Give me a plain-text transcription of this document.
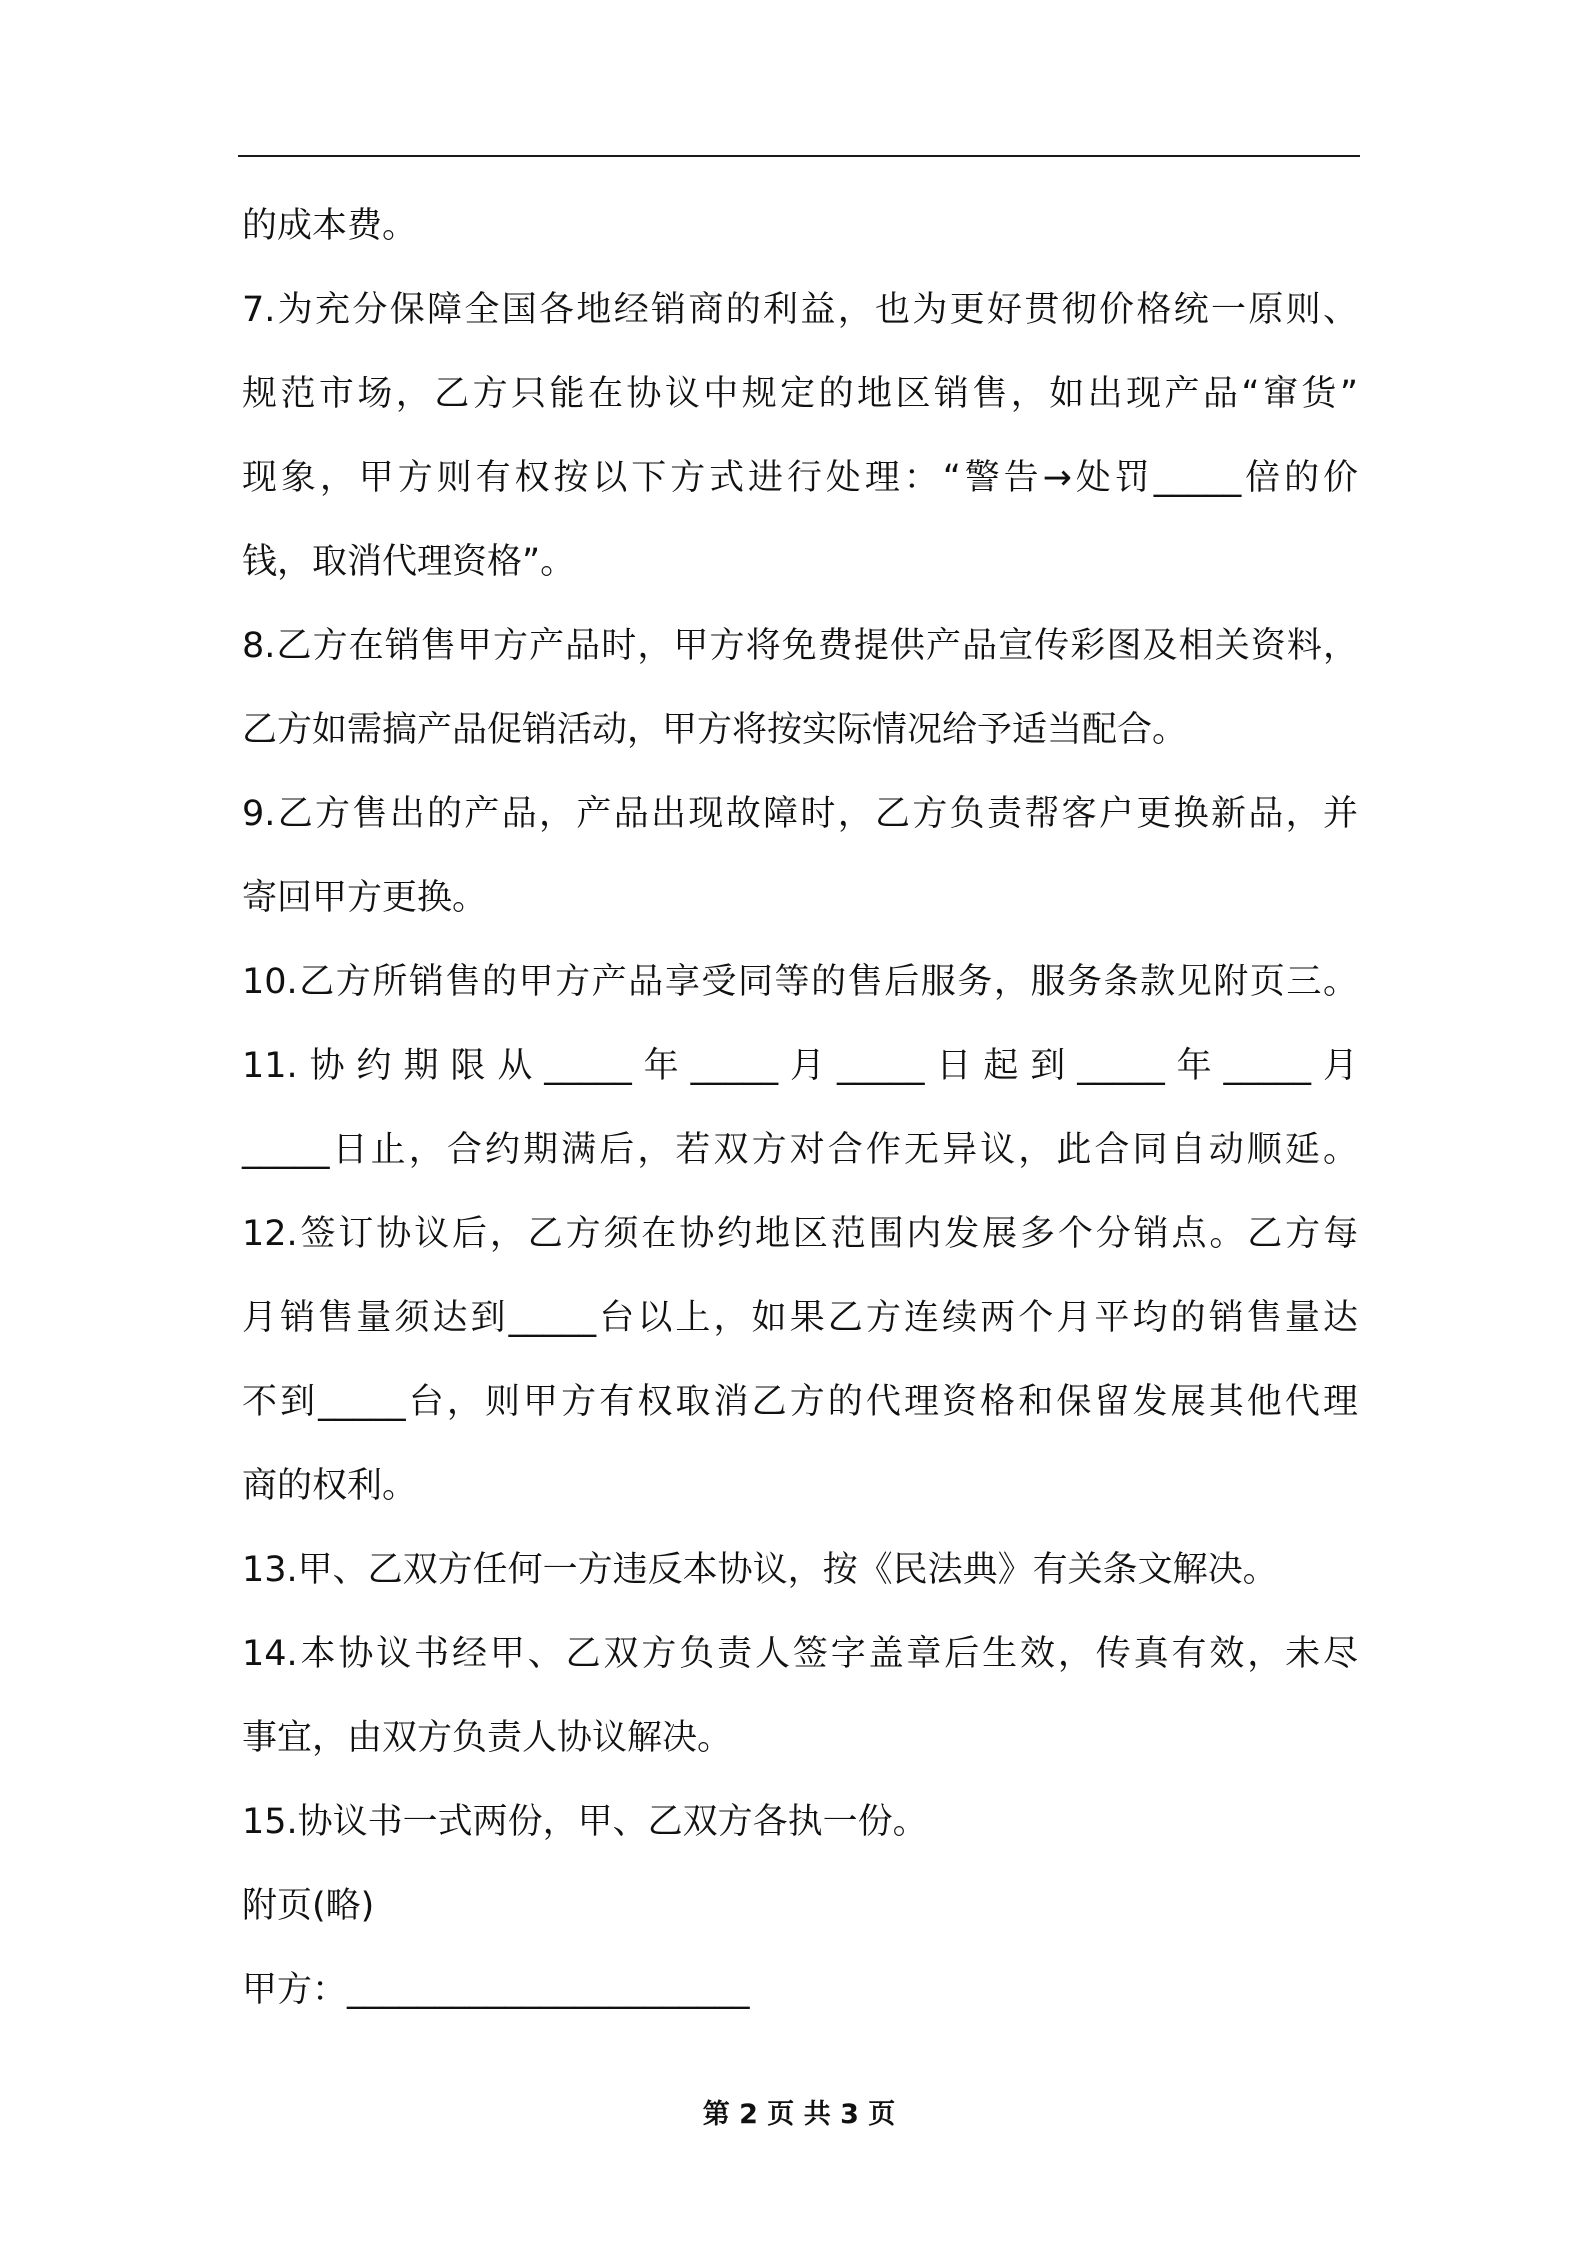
的成本费。
7.为充分保障全国各地经销商的利益，也为更好贯彻价格统一原则、
规范市场，乙方只能在协议中规定的地区销售，如出现产品“窜货”
现象，甲方则有权按以下方式进行处理：“警告→处罚_____倍的价
钱，取消代理资格”。
8.乙方在销售甲方产品时，甲方将免费提供产品宣传彩图及相关资料，
乙方如需搞产品促销活动，甲方将按实际情况给予适当配合。
9.乙方售出的产品，产品出现故障时，乙方负责帮客户更换新品，并
寄回甲方更换。
10.乙方所销售的甲方产品享受同等的售后服务，服务条款见附页三。
11.协约期限从_____年_____月_____日起到_____年_____月
_____日止，合约期满后，若双方对合作无异议，此合同自动顺延。
12.签订协议后，乙方须在协约地区范围内发展多个分销点。乙方每
月销售量须达到_____台以上，如果乙方连续两个月平均的销售量达
不到_____台，则甲方有权取消乙方的代理资格和保留发展其他代理
商的权利。
13.甲、乙双方任何一方违反本协议，按《民法典》有关条文解决。
14.本协议书经甲、乙双方负责人签字盖章后生效，传真有效，未尽
事宜，由双方负责人协议解决。
15.协议书一式两份，甲、乙双方各执一份。
附页(略)
甲方：_______________________
第 2 页 共 3 页
